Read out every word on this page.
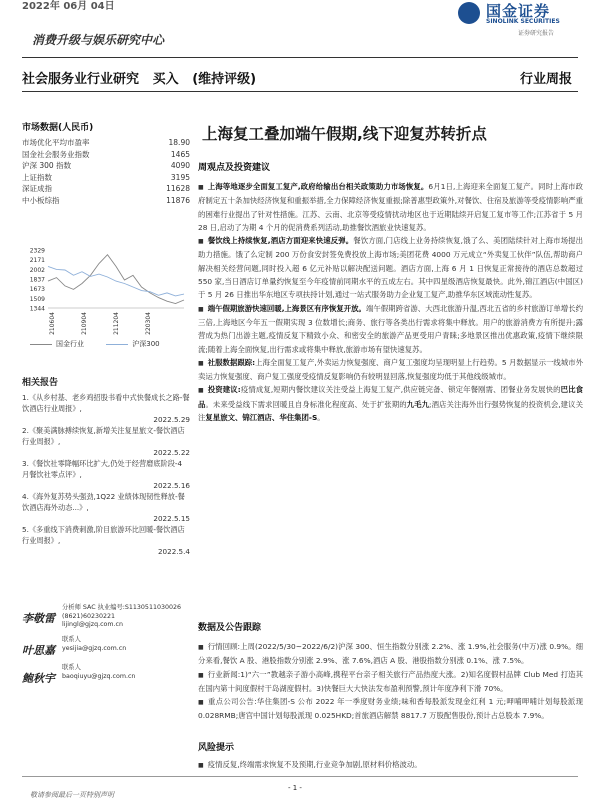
2022年 06月 04日	国金证券
SINOLINK SECURITIES
证券研究报告
消费升级与娱乐研究中心
社会服务业行业研究 买入 (维持评级)	行业周报
市场数据(人民币)
市场优化平均市盈率	18.90
国金社会服务业指数	1465
沪深 300 指数	4090
上证指数	3195
深证成指	11628
中小板综指	11876
2329
2171
2002
1837
1673
1509
1344
210604	210904	211204	220304
国金行业	沪深300
相关报告
1.《从乡村基、老乡鸡招股书看中式快餐成长之路-餐饮酒店行业周报》,
2022.5.29
2.《聚美满脉搏续恢复,新增关注复星旅文-餐饮酒店行业周报》,
2022.5.22
3.《餐饮社零降幅环比扩大,仍处于经营磨底阶段-4 月餐饮社零点评》,
2022.5.16
4.《海外复苏势头强劲,1Q22 业绩体现韧性释放-餐饮酒店海外动态...》,
2022.5.15
5.《多重线下消费刺激,阶目旅游环比回暖-餐饮酒店行业周报》,
2022.5.4
李敬雷
分析师 SAC 执业编号:S1130511030026
(8621)60230221
lijingl@gjzq.com.cn
叶思嘉
联系人
yesijia@gjzq.com.cn
鲍秋宇
联系人
baoqiuyu@gjzq.com.cn
上海复工叠加端午假期,线下迎复苏转折点
周观点及投资建议

■ 上海等地逐步全面复工复产,政府给输出台相关政策助力市场恢复。6月1日,上海迎来全面复工复产。同时上海市政府制定五十条加快经济恢复和重振举措,全力保障经济恢复重振;除普惠型政策外,对餐饮、住宿及旅游等受疫情影响严重的困难行业提出了针对性措施。江苏、云南、北京等受疫情扰动地区也于近期陆续开启复工复市等工作;江苏省于 5 月 28 日,启动了为期 4 个月的促消费系列活动,助推餐饮酒旅业快速复苏。

■ 餐饮线上持续恢复,酒店方面迎来快速反弹。餐饮方面,门店线上业务持续恢复,饿了么、美团陆续针对上海市场提出助力措施。饿了么定制 200 万份食安封签免费投放上海市场;美团花费 4000 万元成立“外卖复工伙伴”队伍,帮助商户解决相关经营问题,同时投入超 6 亿元补贴以解决配送问题。酒店方面,上海 6 月 1 日恢复正常接待的酒店总数超过 550 家,当日酒店订单量约恢复至今年疫情前同期水平的五成左右。其中四星级酒店恢复最快。此外,锦江酒店(中国区)于 5 月 26 日推出华东地区专项扶持计划,通过一站式服务助力企业复工复产,助推华东区域流动性复苏。

■ 端午假期旅游快速回暖,上海景区有序恢复开放。端午假期跨省游、大西北旅游升温,西北五省的乡村旅游订单增长约三倍,上海地区今年五一假期实现 3 位数增长;商务、旅行等各类出行需求将集中释放。用户的旅游消费方有所提升;露营成为热门出游主题,疫情反复下精致小众、和密安全的旅游产品更受用户青睐;多地景区推出优惠政策,疫情下继续限流;随着上海全面恢复,出行需求或将集中释放,旅游市场有望快速复苏。

■ 社服数据跟踪:上海全面复工复产,外卖运力恢复强度、商户复工强度均呈现明显上行趋势。5 月数据显示一线城市外卖运力恢复强度、商户复工强度受疫情反复影响仍有较明显回落,恢复强度均低于其他线级城市。

■ 投资建议:疫情成复,短期内餐饮建议关注受益上海复工复产,供应链完备、锁定年餐刚需、团餐业务发展快的巴比食品。未来受益线下需求回暖且自身标准化程度高、处于扩张期的九毛九;酒店关注海外出行强势恢复的投资机会,建议关注复星旅文、锦江酒店、华住集团-S。

数据及公告跟踪

■ 行情回顾:上周(2022/5/30~2022/6/2)沪深 300、恒生指数分别涨 2.2%、涨 1.9%,社会服务(中万)涨 0.9%。细分来看,餐饮 A 股、港股指数分别涨 2.9%、涨 7.6%,酒店 A 股、港股指数分别涨 0.1%、涨 7.5%。

■ 行业新闻:1)“六一”教越亲子游小高峰,携程平台亲子相关旅行产品热度大涨。2)知名度假村品牌 Club Med 打造其在国内第十间度假村干岛湖度假村。3)快餐巨大大快法发布盈利预警,预计年度净利下滑 70%。

■ 重点公司公告:华住集团-S 公布 2022 年一季度财务业绩;味和香每股派发现金红利 1 元;呷哺呷哺计划每股派现 0.028RMB;唐宫中国计划每股派现 0.025HKD;首旅酒店解禁 8817.7 万股配售股份,预计占总股本 7.9%。

风险提示

■ 疫情反复,终端需求恢复不及预期,行业竞争加剧,原材料价格波动。

- 1 -
敬请参阅最后一页特别声明
